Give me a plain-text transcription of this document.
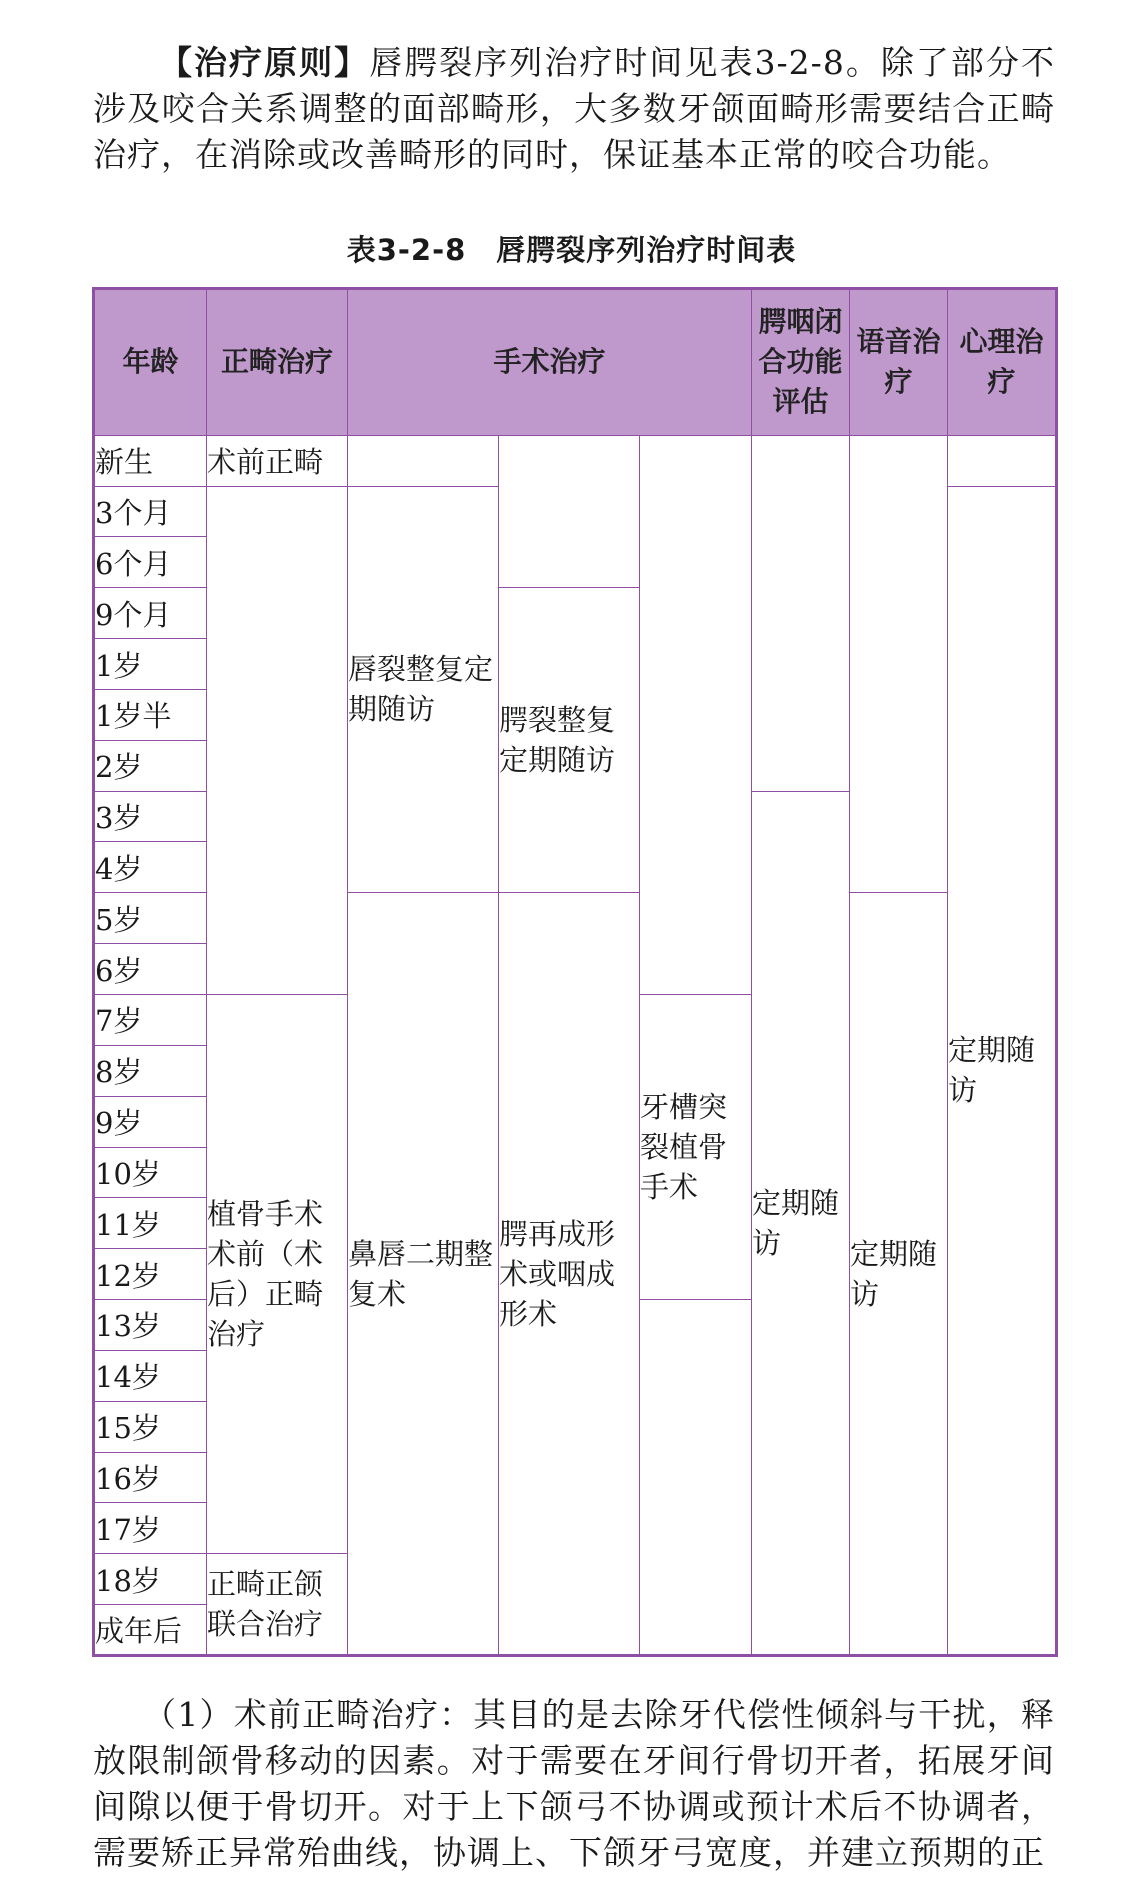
【治疗原则】唇腭裂序列治疗时间见表3-2-8。除了部分不涉及咬合关系调整的面部畸形，大多数牙颌面畸形需要结合正畸治疗，在消除或改善畸形的同时，保证基本正常的咬合功能。
表3-2-8　唇腭裂序列治疗时间表
年龄	正畸治疗	手术治疗			腭咽闭合功能评估	语音治疗	心理治疗
新生	术前正畸						
3个月		唇裂整复定期随访					定期随访
6个月							
9个月			腭裂整复定期随访				
1岁							
1岁半							
2岁							
3岁					定期随访		
4岁							
5岁		鼻唇二期整复术	腭再成形术或咽成形术			定期随访	
6岁							
7岁	植骨手术术前（术后）正畸治疗			牙槽突裂植骨手术			
8岁							
9岁							
10岁							
11岁							
12岁							
13岁							
14岁							
15岁							
16岁							
17岁							
18岁	正畸正颌联合治疗						
成年后							
（1）术前正畸治疗：其目的是去除牙代偿性倾斜与干扰，释放限制颌骨移动的因素。对于需要在牙间行骨切开者，拓展牙间间隙以便于骨切开。对于上下颌弓不协调或预计术后不协调者，需要矫正异常殆曲线，协调上、下颌牙弓宽度，并建立预期的正
